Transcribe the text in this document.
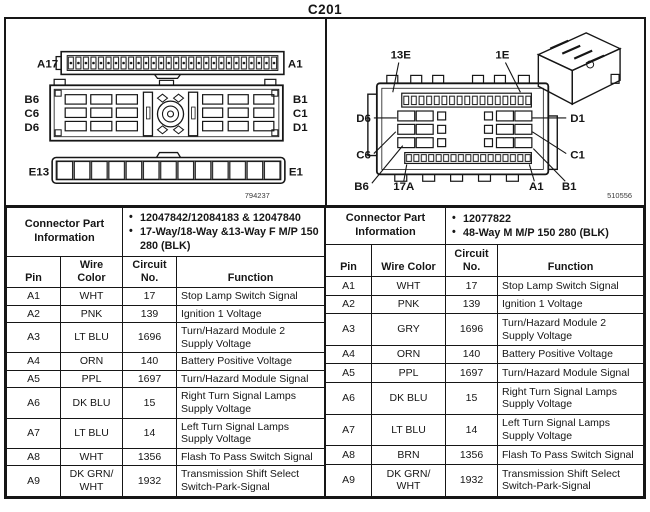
C201
A17	A1
B6
C6
D6
B1
C1
D1
E13	E1
794237
13E	1E
D6	D1
C6	C1
B6 17A	A1 B1
510556
Connector Part Information	
• 12047842/12084183 & 12047840
• 17-Way/18-Way &13-Way F M/P 150 280 (BLK)

Pin	Wire Color	Circuit No.	Function
A1	WHT	17	Stop Lamp Switch Signal
A2	PNK	139	Ignition 1 Voltage
A3	LT BLU	1696	Turn/Hazard Module 2 Supply Voltage
A4	ORN	140	Battery Positive Voltage
A5	PPL	1697	Turn/Hazard Module Signal
A6	DK BLU	15	Right Turn Signal Lamps Supply Voltage
A7	LT BLU	14	Left Turn Signal Lamps Supply Voltage
A8	WHT	1356	Flash To Pass Switch Signal
A9	DK GRN/ WHT	1932	Transmission Shift Select Switch-Park-Signal
Connector Part Information	
• 12077822
• 48-Way M M/P 150 280 (BLK)

Pin	Wire Color	Circuit No.	Function
A1	WHT	17	Stop Lamp Switch Signal
A2	PNK	139	Ignition 1 Voltage
A3	GRY	1696	Turn/Hazard Module 2 Supply Voltage
A4	ORN	140	Battery Positive Voltage
A5	PPL	1697	Turn/Hazard Module Signal
A6	DK BLU	15	Right Turn Signal Lamps Supply Voltage
A7	LT BLU	14	Left Turn Signal Lamps Supply Voltage
A8	BRN	1356	Flash To Pass Switch Signal
A9	DK GRN/ WHT	1932	Transmission Shift Select Switch-Park-Signal
